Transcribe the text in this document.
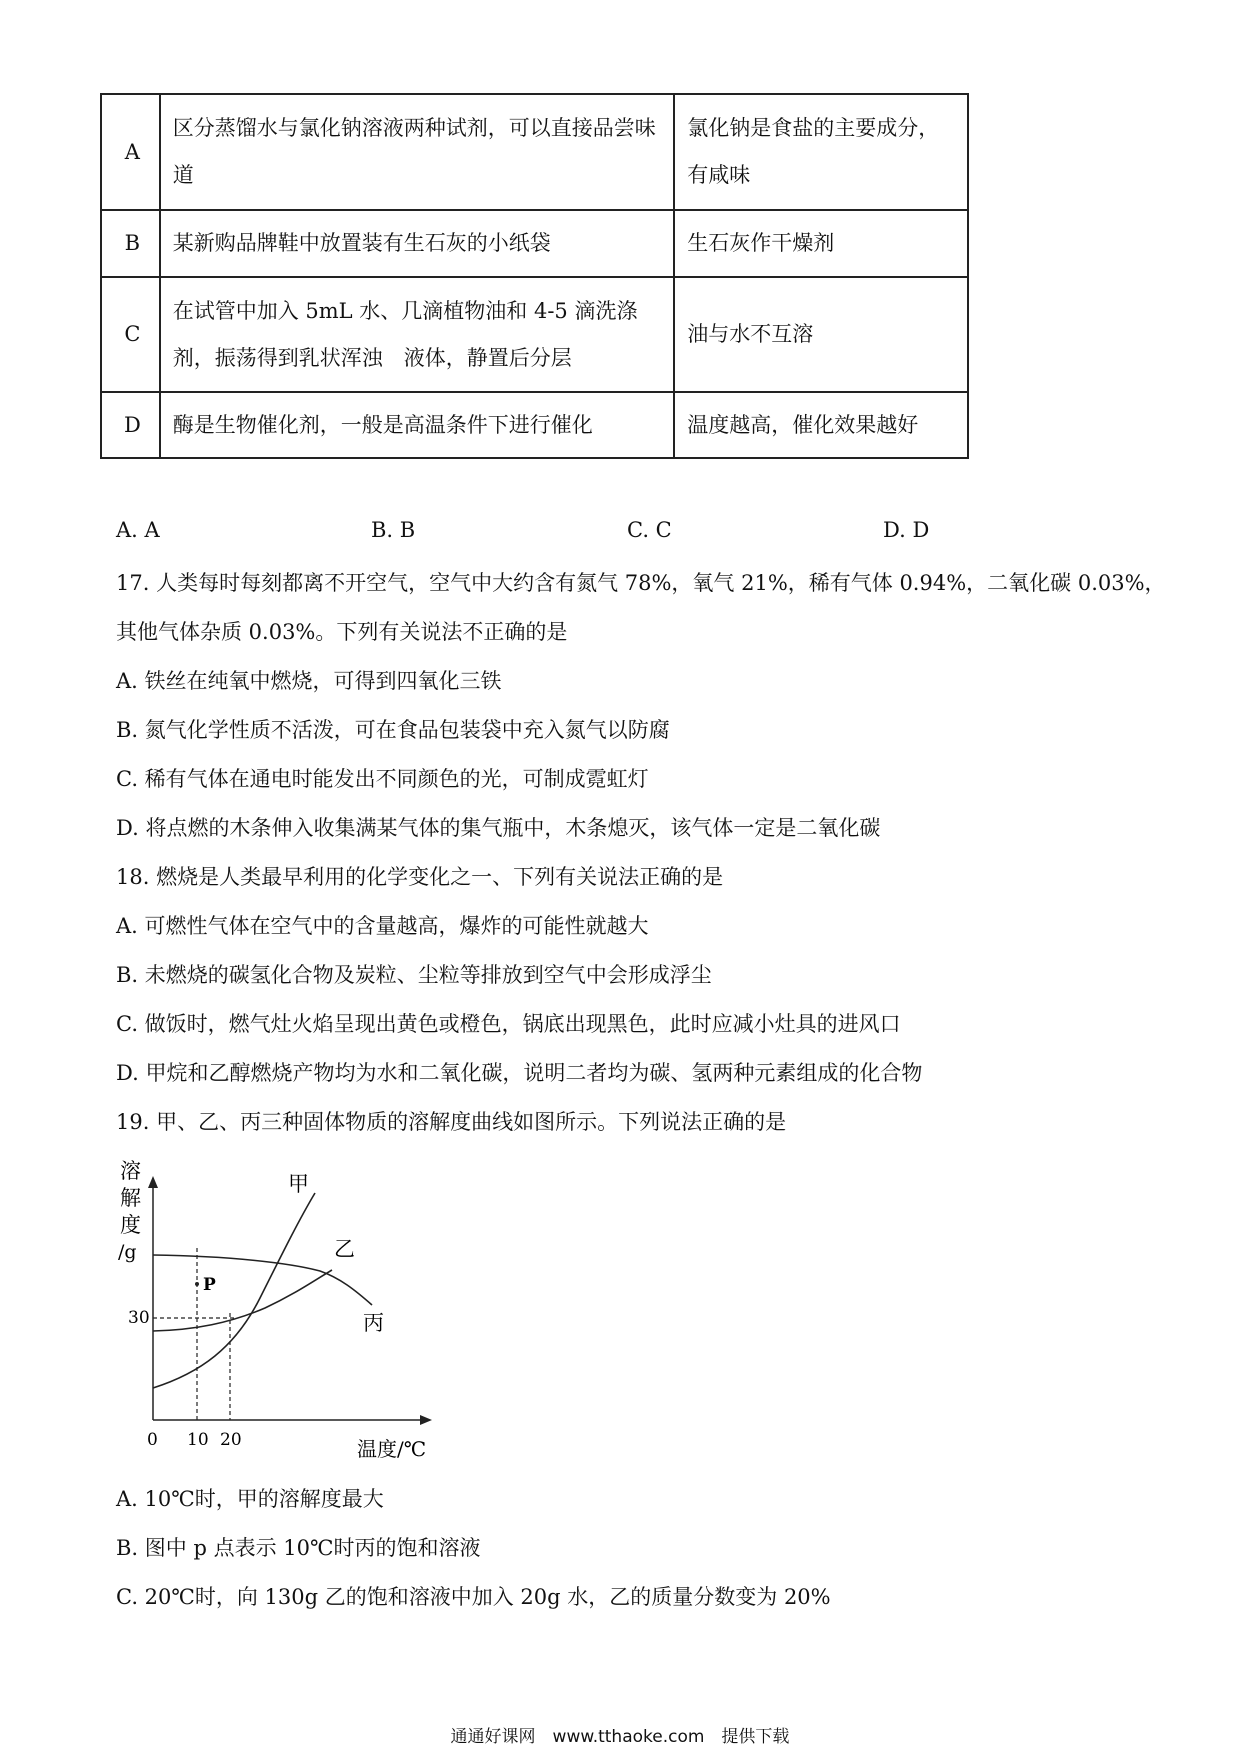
A	区分蒸馏水与氯化钠溶液两种试剂，可以直接品尝味道	氯化钠是食盐的主要成分，有咸味
B	某新购品牌鞋中放置装有生石灰的小纸袋	生石灰作干燥剂
C	在试管中加入 5mL 水、几滴植物油和 4-5 滴洗涤剂，振荡得到乳状浑浊　液体，静置后分层	油与水不互溶
D	酶是生物催化剂，一般是高温条件下进行催化	温度越高，催化效果越好
A. A	B. B	C. C	D. D
17. 人类每时每刻都离不开空气，空气中大约含有氮气 78%，氧气 21%，稀有气体 0.94%，二氧化碳 0.03%，
其他气体杂质 0.03%。下列有关说法不正确的是
A. 铁丝在纯氧中燃烧，可得到四氧化三铁
B. 氮气化学性质不活泼，可在食品包装袋中充入氮气以防腐
C. 稀有气体在通电时能发出不同颜色的光，可制成霓虹灯
D. 将点燃的木条伸入收集满某气体的集气瓶中，木条熄灭，该气体一定是二氧化碳
18. 燃烧是人类最早利用的化学变化之一、下列有关说法正确的是
A. 可燃性气体在空气中的含量越高，爆炸的可能性就越大
B. 未燃烧的碳氢化合物及炭粒、尘粒等排放到空气中会形成浮尘
C. 做饭时，燃气灶火焰呈现出黄色或橙色，锅底出现黑色，此时应减小灶具的进风口
D. 甲烷和乙醇燃烧产物均为水和二氧化碳，说明二者均为碳、氢两种元素组成的化合物
19. 甲、乙、丙三种固体物质的溶解度曲线如图所示。下列说法正确的是
溶
解
度
/g
P
甲
乙
丙
30
0 10 20	温度/℃
A. 10℃时，甲的溶解度最大
B. 图中 p 点表示 10℃时丙的饱和溶液
C. 20℃时，向 130g 乙的饱和溶液中加入 20g 水，乙的质量分数变为 20%
通通好课网　www.tthaoke.com　提供下载
